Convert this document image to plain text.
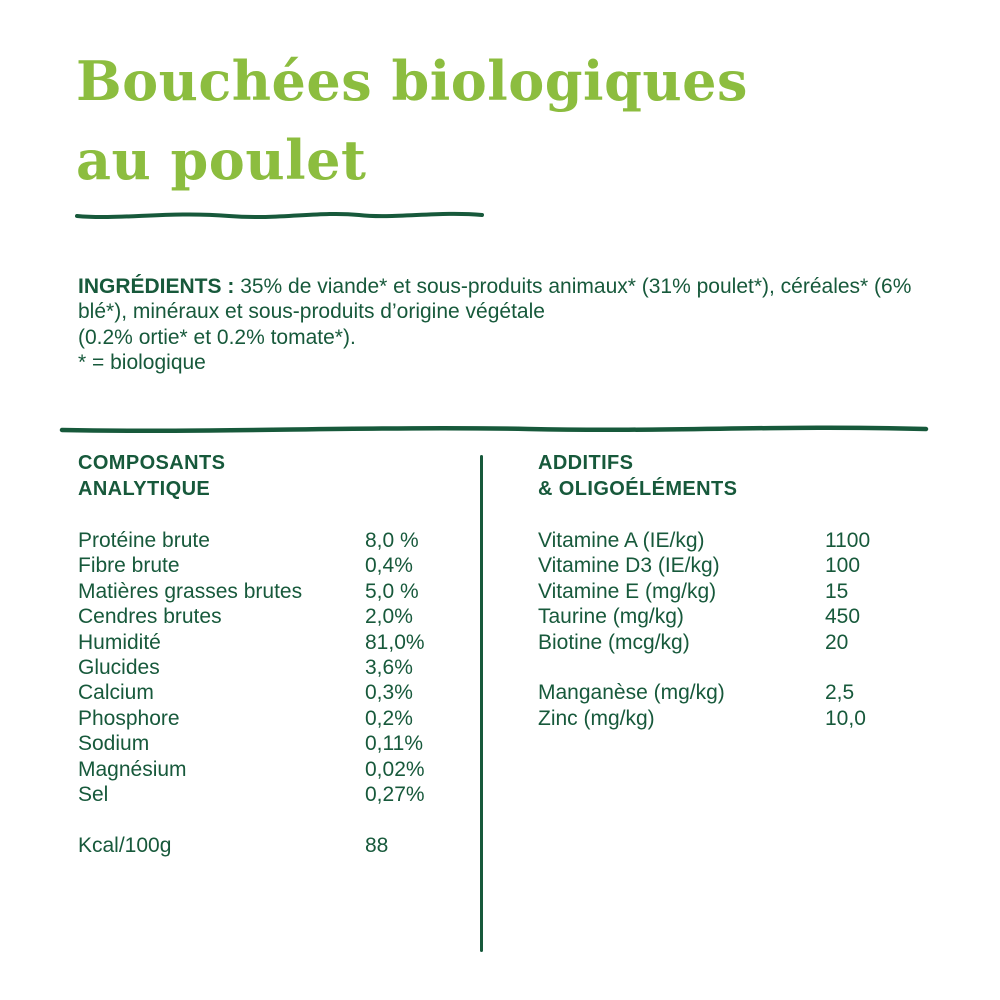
Bouchées biologiques
au poulet

INGRÉDIENTS : 35% de viande* et sous-produits animaux* (31% poulet*), céréales* (6%

blé*), minéraux et sous-produits d’origine végétale

(0.2% ortie* et 0.2% tomate*).

* = biologique

COMPOSANTS
ANALYTIQUE
ADDITIFS
& OLIGOÉLÉMENTS
Protéine brute	8,0 %
Fibre brute	0,4%
Matières grasses brutes	5,0 %
Cendres brutes	2,0%
Humidité	81,0%
Glucides	3,6%
Calcium	0,3%
Phosphore	0,2%
Sodium	0,11%
Magnésium	0,02%
Sel	0,27%
Kcal/100g	88
Vitamine A (IE/kg)	1100
Vitamine D3 (IE/kg)	100
Vitamine E (mg/kg)	15
Taurine (mg/kg)	450
Biotine (mcg/kg)	20
Manganèse (mg/kg)	2,5
Zinc (mg/kg)	10,0
